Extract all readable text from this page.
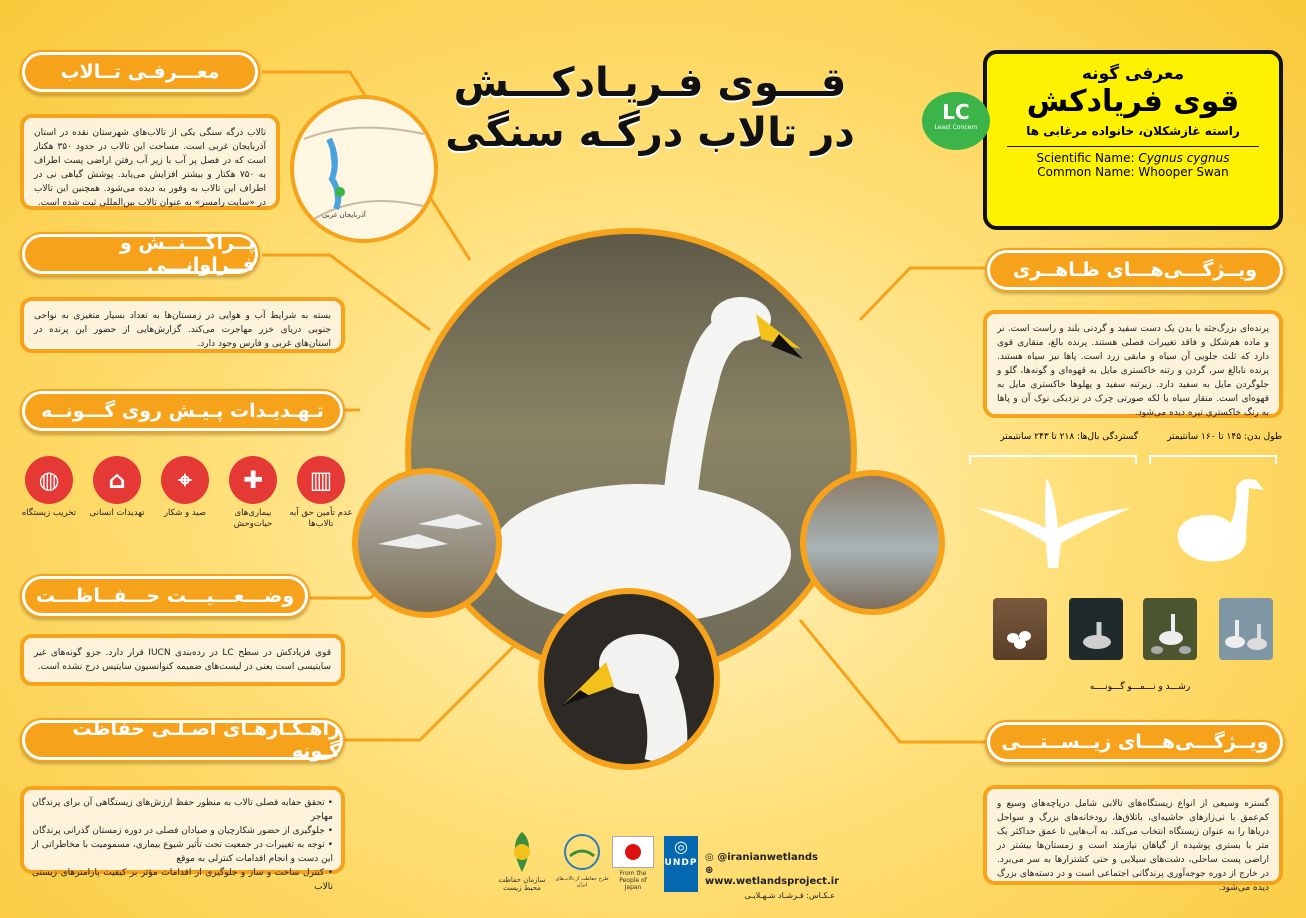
معـــرفـی تــالاب
تالاب درگه سنگی یکی از تالاب‌های شهرستان نقده در استان آذربایجان غربی است. مساحت این تالاب در حدود ۳۵۰ هکتار است که در فصل پر آب با زیر آب رفتن اراضی پست اطراف به ۷۵۰ هکتار و بیشتر افزایش می‌یابد. پوشش گیاهی نی در اطراف این تالاب به وفور به دیده می‌شود. همچنین این تالاب در «سایت رامسر» به عنوان تالاب بین‌المللی ثبت شده است.
آذربایجان غربی
پــراکـــنــش و فــراوانـــی
بسته به شرایط آب و هوایی در زمستان‌ها به تعداد بسیار متغیری به نواحی جنوبی دریای خزر مهاجرت می‌کند. گزارش‌هایی از حضور این پرنده در استان‌های غربی و فارس وجود دارد.
تـهـدیـدات پـیـش روی گـــونــه
▥
عدم تأمین حق آبه تالاب‌ها
✚
بیماری‌های حیات‌وحش
⌖
صید و شکار
⌂
تهدیدات انسانی
◍
تخریب زیستگاه
وضـــعـــیـــت حـــفــاظـــت
قوی فریادکش در سطح LC در رده‌بندی IUCN قرار دارد. جزو گونه‌های غیر سایتیسی است یعنی در لیست‌های ضمیمه کنوانسیون سایتیس درج نشده است.
راهـکـارهـای اصـلـی حفاظت گـونه
• تحقق حفابه فصلی تالاب به منظور حفظ ارزش‌های زیستگاهی آن برای پرندگان مهاجر
• جلوگیری از حضور شکارچیان و صیادان فصلی در دوره زمستان گذرانی پرندگان
• توجه به تغییرات در جمعیت تحت تأثیر شیوع بیماری، مسمومیت با مخاطراتی از این دست و انجام اقدامات کنترلی به موقع
• کنترل ساخت و ساز و جلوگیری از اقدامات مؤثر بر کیفیت پارامترهای زیستی تالاب
قـــوی فـریـادکـــش
در تالاب درگـه سنگی
معرفی گونه
قوی فریادکش
راسته غازشکلان، خانواده مرغابی ها
Scientific Name: Cygnus cygnus
Common Name: Whooper Swan
LC
Least Concern
ویــژگـــی‌هـــای ظـاهــری
پرنده‌ای بزرگ‌جثه با بدن یک دست سفید و گردنی بلند و راست است. نر و ماده هم‌شکل و فاقد تغییرات فصلی هستند. پرنده بالغ، منقاری قوی دارد که ثلث جلویی آن سیاه و مابقی زرد است. پاها نیز سیاه هستند. پرنده نابالغ سر، گردن و رتنه خاکستری مایل به قهوه‌ای و گونه‌ها، گلو و جلوگردن مایل به سفید دارد. زیرتنه سفید و پهلوها خاکستری مایل به قهوه‌ای است. منقار سیاه با لکه صورتی چرک در نزدیکی نوک آن و پاها به رنگ خاکستری تیره دیده می‌شود.
طول بدن: ۱۴۵ تا ۱۶۰ سانتیمتر
گستردگی بال‌ها: ۲۱۸ تا ۲۴۳ سانتیمتر
رشـــد و نـــمـــو گـــونــــه
ویــژگـــی‌هـــای زیــســتـــی
گستره وسیعی از انواع زیستگاه‌های تالابی شامل دریاچه‌های وسیع و کم‌عمق با نی‌زارهای حاشیه‌ای، باتلاق‌ها، رودخانه‌های بزرگ و سواحل دریاها را به عنوان زیستگاه انتخاب می‌کند. به آب‌هایی تا عمق حداکثر یک متر با بستری پوشیده از گیاهان نیازمند است و زمستان‌ها بیشتر در اراضی پست ساحلی، دشت‌های سیلابی و حتی کشتزارها به سر می‌برد. در خارج از دوره جوجه‌آوری پرندگانی اجتماعی است و در دسته‌های بزرگ دیده می‌شود.
سازمان حفاظت محیط زیست
طرح حفاظت از تالاب‌های ایران
From the People of Japan
◎
UNDP ◎ @iranianwetlands
⊕ www.wetlandsproject.ir
عـکـاس: فـرشـاد شـهـلایـی
